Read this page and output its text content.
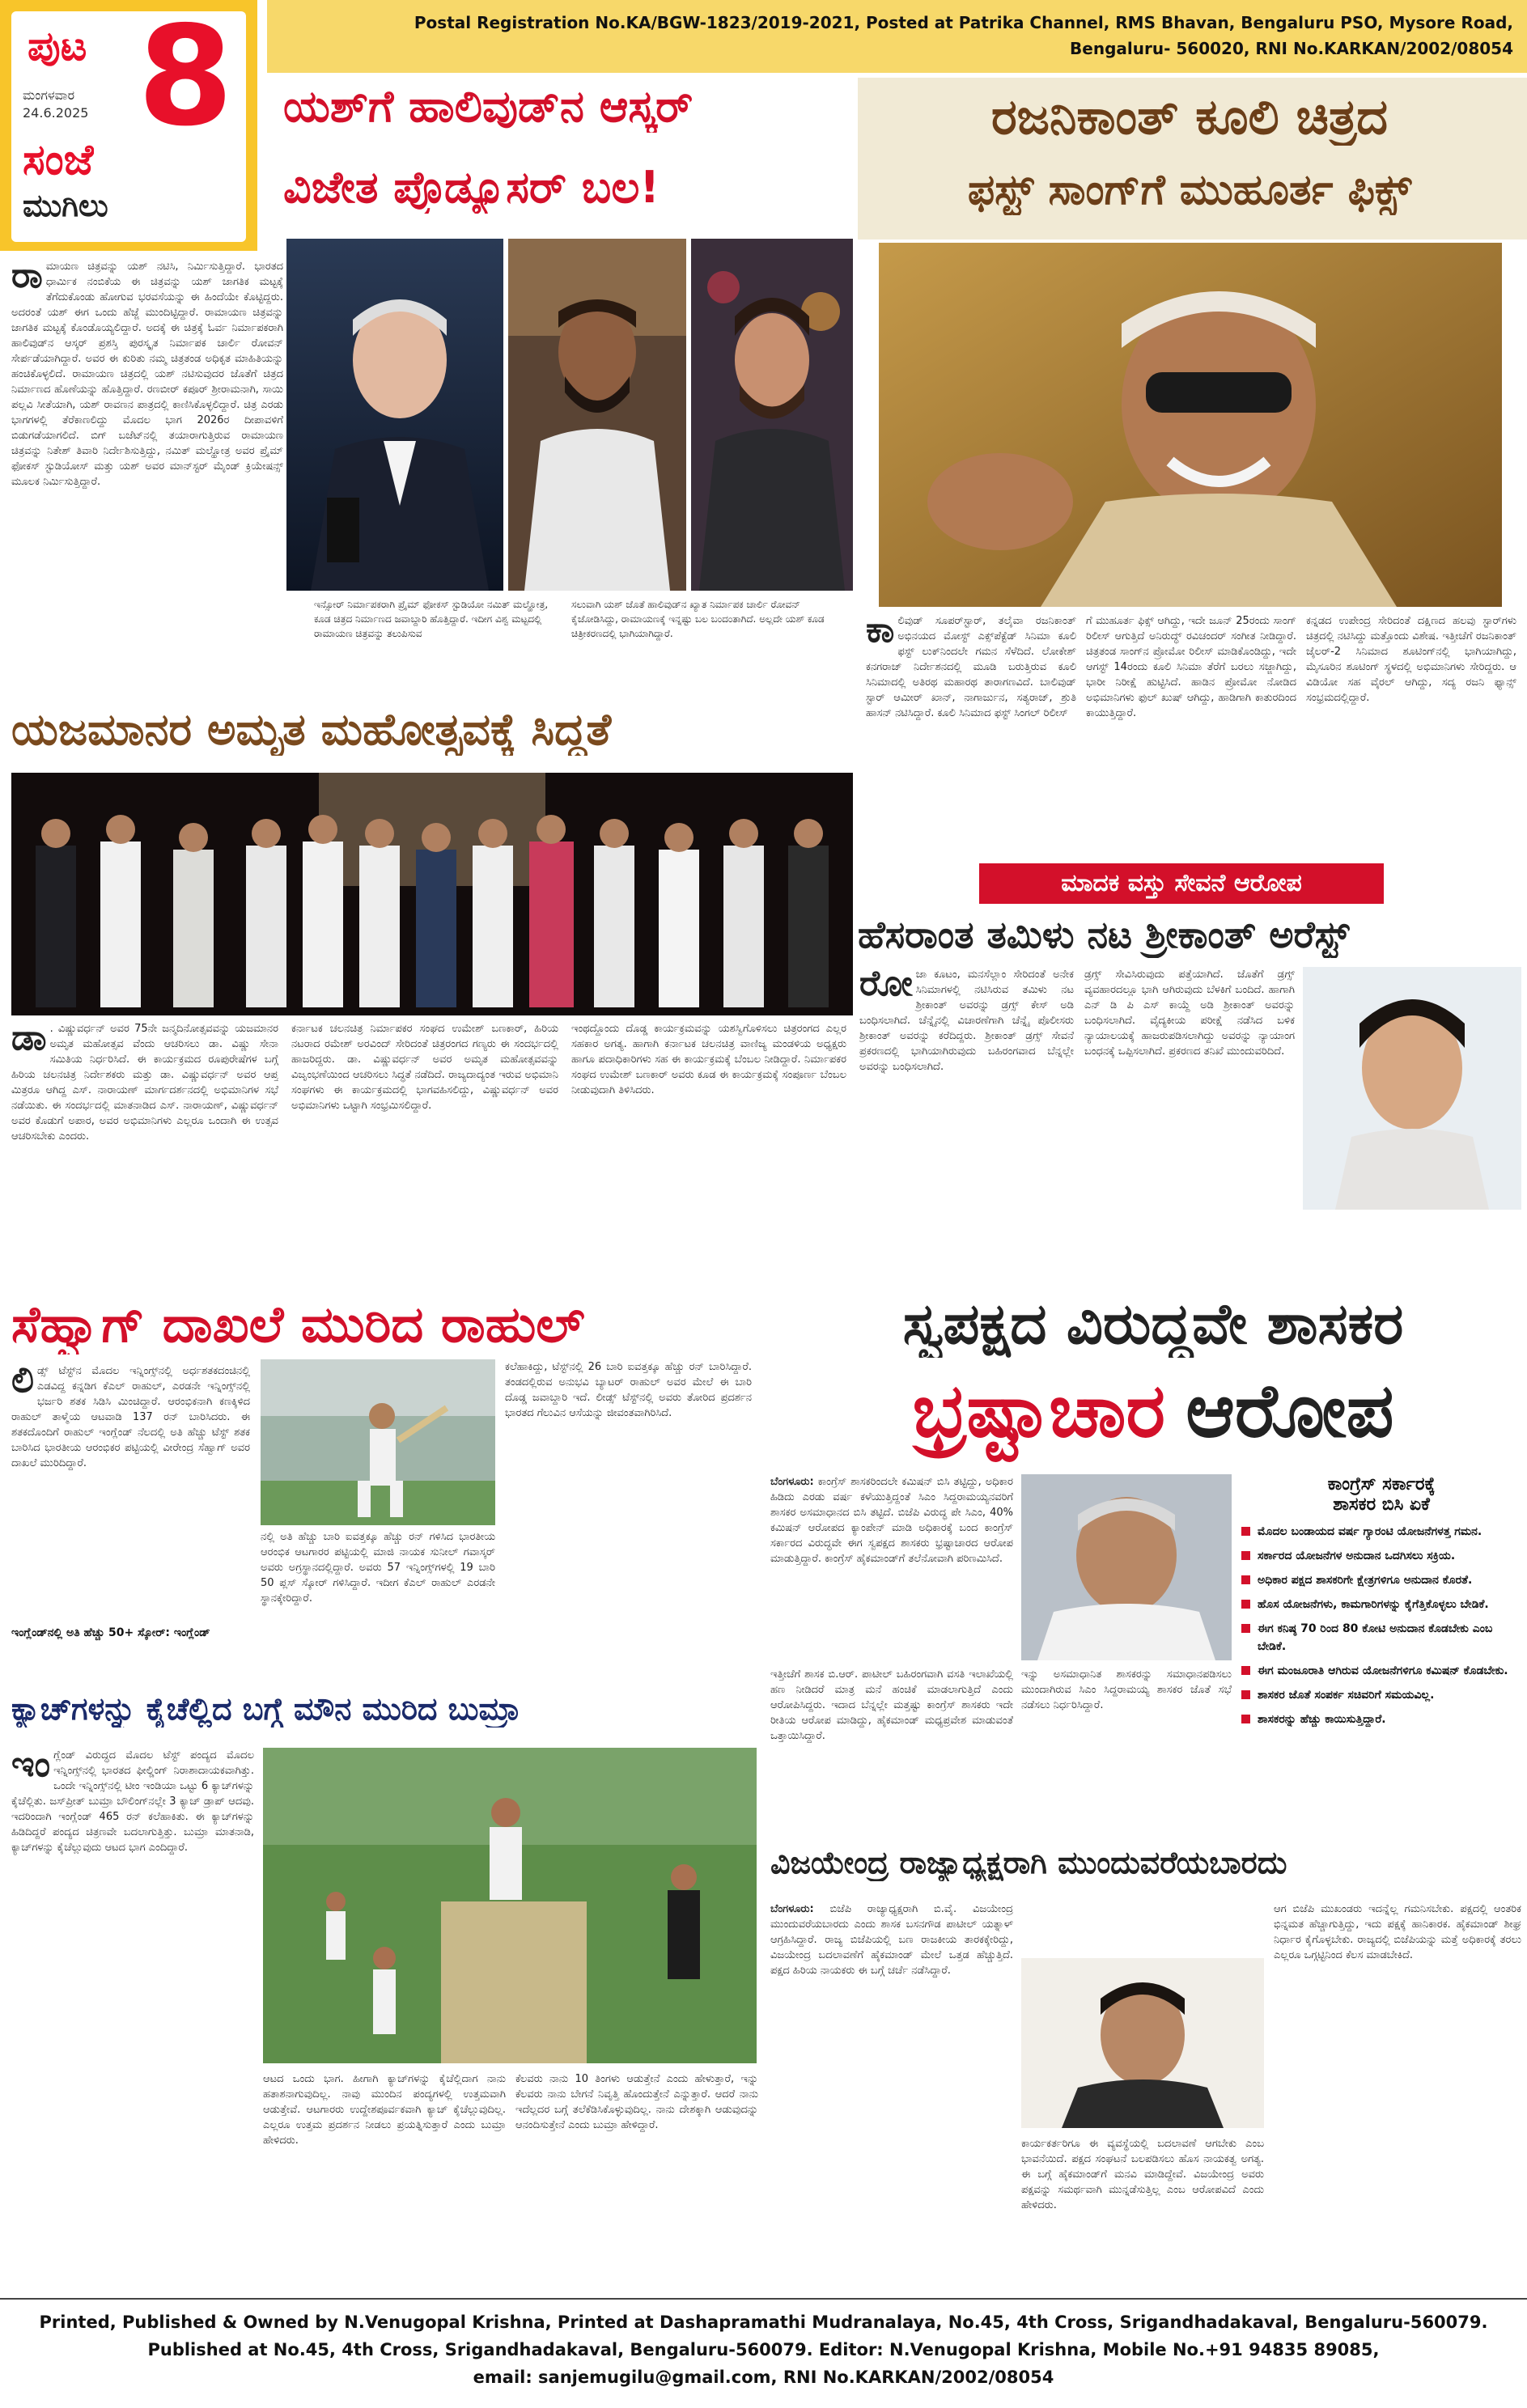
ಪುಟ 8
ಮಂಗಳವಾರ
24.6.2025
ಸಂಜೆ
ಮುಗಿಲು
Postal Registration No.KA/BGW-1823/2019-2021, Posted at Patrika Channel, RMS Bhavan, Bengaluru PSO, Mysore Road,
Bengaluru- 560020, RNI No.KARKAN/2002/08054
ಯಶ್‌ಗೆ ಹಾಲಿವುಡ್‌ನ ಆಸ್ಕರ್
ವಿಜೇತ ಪ್ರೊಡ್ಯೂಸರ್ ಬಲ!
ರಾ ಮಾಯಣ ಚಿತ್ರವನ್ನು ಯಶ್ ನಟಿಸಿ, ನಿರ್ಮಿಸುತ್ತಿದ್ದಾರೆ. ಭಾರತದ ಧಾರ್ಮಿಕ ನಂಬಿಕೆಯ ಈ ಚಿತ್ರವನ್ನು ಯಶ್ ಜಾಗತಿಕ ಮಟ್ಟಕ್ಕೆ ತೆಗೆದುಕೊಂಡು ಹೋಗುವ ಭರವಸೆಯನ್ನು ಈ ಹಿಂದೆಯೇ ಕೊಟ್ಟಿದ್ದರು. ಅದರಂತೆ ಯಶ್ ಈಗ ಒಂದು ಹೆಜ್ಜೆ ಮುಂದಿಟ್ಟಿದ್ದಾರೆ. ರಾಮಾಯಣ ಚಿತ್ರವನ್ನು ಜಾಗತಿಕ ಮಟ್ಟಕ್ಕೆ ಕೊಂಡೊಯ್ಯಲಿದ್ದಾರೆ. ಅದಕ್ಕೆ ಈ ಚಿತ್ರಕ್ಕೆ ಓರ್ವ ನಿರ್ಮಾಪಕರಾಗಿ ಹಾಲಿವುಡ್‌ನ ಆಸ್ಕರ್ ಪ್ರಶಸ್ತಿ ಪುರಸ್ಕೃತ ನಿರ್ಮಾಪಕ ಚಾರ್ಲಿ ರೋವನ್ ಸೇರ್ಪಡೆಯಾಗಿದ್ದಾರೆ. ಅವರ ಈ ಕುರಿತು ನಮ್ಮ ಚಿತ್ರತಂಡ ಅಧಿಕೃತ ಮಾಹಿತಿಯನ್ನು ಹಂಚಿಕೊಳ್ಳಲಿದೆ. ರಾಮಾಯಣ ಚಿತ್ರದಲ್ಲಿ ಯಶ್ ನಟಿಸುವುದರ ಜೊತೆಗೆ ಚಿತ್ರದ ನಿರ್ಮಾಣದ ಹೊಣೆಯನ್ನು ಹೊತ್ತಿದ್ದಾರೆ. ರಣಬೀರ್ ಕಪೂರ್ ಶ್ರೀರಾಮನಾಗಿ, ಸಾಯಿ ಪಲ್ಲವಿ ಸೀತೆಯಾಗಿ, ಯಶ್ ರಾವಣನ ಪಾತ್ರದಲ್ಲಿ ಕಾಣಿಸಿಕೊಳ್ಳಲಿದ್ದಾರೆ. ಚಿತ್ರ ಎರಡು ಭಾಗಗಳಲ್ಲಿ ತೆರೆಕಾಣಲಿದ್ದು ಮೊದಲ ಭಾಗ 2026ರ ದೀಪಾವಳಿಗೆ ಬಿಡುಗಡೆಯಾಗಲಿದೆ. ಬಿಗ್ ಬಜೆಟ್‌ನಲ್ಲಿ ತಯಾರಾಗುತ್ತಿರುವ ರಾಮಾಯಣ ಚಿತ್ರವನ್ನು ನಿತೇಶ್ ತಿವಾರಿ ನಿರ್ದೇಶಿಸುತ್ತಿದ್ದು, ನಮಿತ್ ಮಲ್ಹೋತ್ರ ಅವರ ಪ್ರೈಮ್ ಫೋಕಸ್ ಸ್ಟುಡಿಯೋಸ್ ಮತ್ತು ಯಶ್ ಅವರ ಮಾನ್‌ಸ್ಟರ್ ಮೈಂಡ್ ಕ್ರಿಯೇಷನ್ಸ್ ಮೂಲಕ ನಿರ್ಮಿಸುತ್ತಿದ್ದಾರೆ.
ಇನ್ಸೋರ್ ನಿರ್ಮಾಪಕರಾಗಿ ಪ್ರೈಮ್ ಫೋಕಸ್ ಸ್ಟುಡಿಯೋ ನಮಿತ್ ಮಲ್ಹೋತ್ರ, ಕೂಡ ಚಿತ್ರದ ನಿರ್ಮಾಣದ ಜವಾಬ್ದಾರಿ ಹೊತ್ತಿದ್ದಾರೆ. ಇದೀಗ ವಿಶ್ವ ಮಟ್ಟದಲ್ಲಿ ರಾಮಾಯಣ ಚಿತ್ರವನ್ನು ತಲುಪಿಸುವ
ಸಲುವಾಗಿ ಯಶ್ ಜೊತೆ ಹಾಲಿವುಡ್‌ನ ಖ್ಯಾತ ನಿರ್ಮಾಪಕ ಚಾರ್ಲಿ ರೋವನ್ ಕೈಜೋಡಿಸಿದ್ದು, ರಾಮಾಯಣಕ್ಕೆ ಇನ್ನಷ್ಟು ಬಲ ಬಂದಂತಾಗಿದೆ. ಅಲ್ಲದೇ ಯಶ್ ಕೂಡ ಚಿತ್ರೀಕರಣದಲ್ಲಿ ಭಾಗಿಯಾಗಿದ್ದಾರೆ.
ರಜನಿಕಾಂತ್ ಕೂಲಿ ಚಿತ್ರದ
ಫಸ್ಟ್ ಸಾಂಗ್‌ಗೆ ಮುಹೂರ್ತ ಫಿಕ್ಸ್
ಕಾ ಲಿವುಡ್ ಸೂಪರ್‌ಸ್ಟಾರ್, ತಲೈವಾ ರಜನಿಕಾಂತ್ ಅಭಿನಯದ ಮೋಸ್ಟ್ ಎಕ್ಸ್‌ಪೆಕ್ಟೆಡ್ ಸಿನಿಮಾ ಕೂಲಿ ಫಸ್ಟ್ ಲುಕ್‌ನಿಂದಲೇ ಗಮನ ಸೆಳೆದಿದೆ. ಲೋಕೇಶ್ ಕನಗರಾಜ್ ನಿರ್ದೇಶನದಲ್ಲಿ ಮೂಡಿ ಬರುತ್ತಿರುವ ಕೂಲಿ ಸಿನಿಮಾದಲ್ಲಿ ಅತಿರಥ ಮಹಾರಥ ತಾರಾಗಣವಿದೆ. ಬಾಲಿವುಡ್ ಸ್ಟಾರ್ ಆಮೀರ್ ಖಾನ್, ನಾಗಾರ್ಜುನ, ಸತ್ಯರಾಜ್, ಶ್ರುತಿ ಹಾಸನ್ ನಟಿಸಿದ್ದಾರೆ. ಕೂಲಿ ಸಿನಿಮಾದ ಫಸ್ಟ್ ಸಿಂಗಲ್ ರಿಲೀಸ್
ಗೆ ಮುಹೂರ್ತ ಫಿಕ್ಸ್ ಆಗಿದ್ದು, ಇದೇ ಜೂನ್ 25ರಂದು ಸಾಂಗ್ ರಿಲೀಸ್ ಆಗುತ್ತಿದೆ ಅನಿರುದ್ಧ್ ರವಿಚಂದರ್ ಸಂಗೀತ ನೀಡಿದ್ದಾರೆ. ಚಿತ್ರತಂಡ ಸಾಂಗ್‌ನ ಪ್ರೋಮೋ ರಿಲೀಸ್ ಮಾಡಿಕೊಂಡಿದ್ದು, ಇದೇ ಆಗಸ್ಟ್ 14ರಂದು ಕೂಲಿ ಸಿನಿಮಾ ತೆರೆಗೆ ಬರಲು ಸಜ್ಜಾಗಿದ್ದು, ಭಾರೀ ನಿರೀಕ್ಷೆ ಹುಟ್ಟಿಸಿದೆ. ಹಾಡಿನ ಪ್ರೋಮೋ ನೋಡಿದ ಅಭಿಮಾನಿಗಳು ಫುಲ್ ಖುಷ್ ಆಗಿದ್ದು, ಹಾಡಿಗಾಗಿ ಕಾತುರದಿಂದ ಕಾಯುತ್ತಿದ್ದಾರೆ.
ಕನ್ನಡದ ಉಪೇಂದ್ರ ಸೇರಿದಂತೆ ದಕ್ಷಿಣದ ಹಲವು ಸ್ಟಾರ್‌ಗಳು ಚಿತ್ರದಲ್ಲಿ ನಟಿಸಿದ್ದು ಮತ್ತೊಂದು ವಿಶೇಷ. ಇತ್ತೀಚೆಗೆ ರಜನಿಕಾಂತ್ ಜೈಲರ್-2 ಸಿನಿಮಾದ ಶೂಟಿಂಗ್‌ನಲ್ಲಿ ಭಾಗಿಯಾಗಿದ್ದು, ಮೈಸೂರಿನ ಶೂಟಿಂಗ್ ಸ್ಥಳದಲ್ಲಿ ಅಭಿಮಾನಿಗಳು ಸೇರಿದ್ದರು. ಆ ವಿಡಿಯೋ ಸಹ ವೈರಲ್ ಆಗಿದ್ದು, ಸದ್ಯ ರಜನಿ ಫ್ಯಾನ್ಸ್ ಸಂಭ್ರಮದಲ್ಲಿದ್ದಾರೆ.
ಯಜಮಾನರ ಅಮೃತ ಮಹೋತ್ಸವಕ್ಕೆ ಸಿದ್ಧತೆ
ಡಾ . ವಿಷ್ಣುವರ್ಧನ್ ಅವರ 75ನೇ ಜನ್ಮದಿನೋತ್ಸವವನ್ನು ಯಜಮಾನರ ಅಮೃತ ಮಹೋತ್ಸವ ವೆಂದು ಆಚರಿಸಲು ಡಾ. ವಿಷ್ಣು ಸೇನಾ ಸಮಿತಿಯ ನಿರ್ಧರಿಸಿದೆ. ಈ ಕಾರ್ಯಕ್ರಮದ ರೂಪುರೇಷೆಗಳ ಬಗ್ಗೆ ಹಿರಿಯ ಚಲನಚಿತ್ರ ನಿರ್ದೇಶಕರು ಮತ್ತು ಡಾ. ವಿಷ್ಣುವರ್ಧನ್ ಅವರ ಆಪ್ತ ಮಿತ್ರರೂ ಆಗಿದ್ದ ಎಸ್. ನಾರಾಯಣ್ ಮಾರ್ಗದರ್ಶನದಲ್ಲಿ ಅಭಿಮಾನಿಗಳ ಸಭೆ ನಡೆಯಿತು. ಈ ಸಂದರ್ಭದಲ್ಲಿ ಮಾತನಾಡಿದ ಎಸ್. ನಾರಾಯಣ್, ವಿಷ್ಣುವರ್ಧನ್ ಅವರ ಕೊಡುಗೆ ಅಪಾರ, ಅವರ ಅಭಿಮಾನಿಗಳು ಎಲ್ಲರೂ ಒಂದಾಗಿ ಈ ಉತ್ಸವ ಆಚರಿಸಬೇಕು ಎಂದರು.
ಕರ್ನಾಟಕ ಚಲನಚಿತ್ರ ನಿರ್ಮಾಪಕರ ಸಂಘದ ಉಮೇಶ್ ಬಣಕಾರ್, ಹಿರಿಯ ನಟರಾದ ರಮೇಶ್ ಅರವಿಂದ್ ಸೇರಿದಂತೆ ಚಿತ್ರರಂಗದ ಗಣ್ಯರು ಈ ಸಂದರ್ಭದಲ್ಲಿ ಹಾಜರಿದ್ದರು. ಡಾ. ವಿಷ್ಣುವರ್ಧನ್ ಅವರ ಅಮೃತ ಮಹೋತ್ಸವವನ್ನು ವಿಜೃಂಭಣೆಯಿಂದ ಆಚರಿಸಲು ಸಿದ್ಧತೆ ನಡೆದಿದೆ. ರಾಜ್ಯದಾದ್ಯಂತ ಇರುವ ಅಭಿಮಾನಿ ಸಂಘಗಳು ಈ ಕಾರ್ಯಕ್ರಮದಲ್ಲಿ ಭಾಗವಹಿಸಲಿದ್ದು, ವಿಷ್ಣುವರ್ಧನ್ ಅವರ ಅಭಿಮಾನಿಗಳು ಒಟ್ಟಾಗಿ ಸಂಭ್ರಮಿಸಲಿದ್ದಾರೆ.
ಇಂಥದ್ದೊಂದು ದೊಡ್ಡ ಕಾರ್ಯಕ್ರಮವನ್ನು ಯಶಸ್ವಿಗೊಳಿಸಲು ಚಿತ್ರರಂಗದ ಎಲ್ಲರ ಸಹಕಾರ ಅಗತ್ಯ. ಹಾಗಾಗಿ ಕರ್ನಾಟಕ ಚಲನಚಿತ್ರ ವಾಣಿಜ್ಯ ಮಂಡಳಿಯ ಅಧ್ಯಕ್ಷರು ಹಾಗೂ ಪದಾಧಿಕಾರಿಗಳು ಸಹ ಈ ಕಾರ್ಯಕ್ರಮಕ್ಕೆ ಬೆಂಬಲ ನೀಡಿದ್ದಾರೆ. ನಿರ್ಮಾಪಕರ ಸಂಘದ ಉಮೇಶ್ ಬಣಕಾರ್ ಅವರು ಕೂಡ ಈ ಕಾರ್ಯಕ್ರಮಕ್ಕೆ ಸಂಪೂರ್ಣ ಬೆಂಬಲ ನೀಡುವುದಾಗಿ ತಿಳಿಸಿದರು.
ಮಾದಕ ವಸ್ತು ಸೇವನೆ ಆರೋಪ
ಹೆಸರಾಂತ ತಮಿಳು ನಟ ಶ್ರೀಕಾಂತ್ ಅರೆಸ್ಟ್
ರೋ ಜಾ ಕೂಟಂ, ಮನಸೆಲ್ಲಾಂ ಸೇರಿದಂತೆ ಅನೇಕ ಸಿನಿಮಾಗಳಲ್ಲಿ ನಟಿಸಿರುವ ತಮಿಳು ನಟ ಶ್ರೀಕಾಂತ್ ಅವರನ್ನು ಡ್ರಗ್ಸ್ ಕೇಸ್ ಅಡಿ ಬಂಧಿಸಲಾಗಿದೆ. ಚೆನ್ನೈನಲ್ಲಿ ವಿಚಾರಣೆಗಾಗಿ ಚೆನ್ನೈ ಪೊಲೀಸರು ಶ್ರೀಕಾಂತ್ ಅವರನ್ನು ಕರೆದಿದ್ದರು. ಶ್ರೀಕಾಂತ್ ಡ್ರಗ್ಸ್ ಸೇವನೆ ಪ್ರಕರಣದಲ್ಲಿ ಭಾಗಿಯಾಗಿರುವುದು ಬಹಿರಂಗವಾದ ಬೆನ್ನಲ್ಲೇ ಅವರನ್ನು ಬಂಧಿಸಲಾಗಿದೆ.
ಡ್ರಗ್ಸ್ ಸೇವಿಸಿರುವುದು ಪತ್ತೆಯಾಗಿದೆ. ಜೊತೆಗೆ ಡ್ರಗ್ಸ್ ವ್ಯವಹಾರದಲ್ಲೂ ಭಾಗಿ ಆಗಿರುವುದು ಬೆಳಕಿಗೆ ಬಂದಿದೆ. ಹಾಗಾಗಿ ಎನ್ ಡಿ ಪಿ ಎಸ್ ಕಾಯ್ದೆ ಅಡಿ ಶ್ರೀಕಾಂತ್ ಅವರನ್ನು ಬಂಧಿಸಲಾಗಿದೆ. ವೈದ್ಯಕೀಯ ಪರೀಕ್ಷೆ ನಡೆಸಿದ ಬಳಿಕ ನ್ಯಾಯಾಲಯಕ್ಕೆ ಹಾಜರುಪಡಿಸಲಾಗಿದ್ದು ಅವರನ್ನು ನ್ಯಾಯಾಂಗ ಬಂಧನಕ್ಕೆ ಒಪ್ಪಿಸಲಾಗಿದೆ. ಪ್ರಕರಣದ ತನಿಖೆ ಮುಂದುವರಿದಿದೆ.
ಸೆಹ್ವಾಗ್ ದಾಖಲೆ ಮುರಿದ ರಾಹುಲ್
ಲಿ ಡ್ಸ್ ಟೆಸ್ಟ್‌ನ ಮೊದಲ ಇನ್ನಿಂಗ್ಸ್‌ನಲ್ಲಿ ಅರ್ಧಶತಕದಂಚಿನಲ್ಲಿ ಎಡವಿದ್ದ ಕನ್ನಡಿಗ ಕೆಎಲ್ ರಾಹುಲ್, ಎರಡನೇ ಇನ್ನಿಂಗ್ಸ್‌ನಲ್ಲಿ ಭರ್ಜರಿ ಶತಕ ಸಿಡಿಸಿ ಮಿಂಚಿದ್ದಾರೆ. ಆರಂಭಿಕನಾಗಿ ಕಣಕ್ಕಿಳಿದ ರಾಹುಲ್ ತಾಳ್ಮೆಯ ಆಟವಾಡಿ 137 ರನ್ ಬಾರಿಸಿದರು. ಈ ಶತಕದೊಂದಿಗೆ ರಾಹುಲ್ ಇಂಗ್ಲೆಂಡ್ ನೆಲದಲ್ಲಿ ಅತಿ ಹೆಚ್ಚು ಟೆಸ್ಟ್ ಶತಕ ಬಾರಿಸಿದ ಭಾರತೀಯ ಆರಂಭಿಕರ ಪಟ್ಟಿಯಲ್ಲಿ ವೀರೇಂದ್ರ ಸೆಹ್ವಾಗ್ ಅವರ ದಾಖಲೆ ಮುರಿದಿದ್ದಾರೆ.
ನಲ್ಲಿ ಅತಿ ಹೆಚ್ಚು ಬಾರಿ ಐವತ್ತಕ್ಕೂ ಹೆಚ್ಚು ರನ್ ಗಳಿಸಿದ ಭಾರತೀಯ ಆರಂಭಿಕ ಆಟಗಾರರ ಪಟ್ಟಿಯಲ್ಲಿ ಮಾಜಿ ನಾಯಕ ಸುನೀಲ್ ಗವಾಸ್ಕರ್ ಅವರು ಅಗ್ರಸ್ಥಾನದಲ್ಲಿದ್ದಾರೆ. ಅವರು 57 ಇನ್ನಿಂಗ್ಸ್‌ಗಳಲ್ಲಿ 19 ಬಾರಿ 50 ಪ್ಲಸ್ ಸ್ಕೋರ್ ಗಳಿಸಿದ್ದಾರೆ. ಇದೀಗ ಕೆಎಲ್ ರಾಹುಲ್ ಎರಡನೇ ಸ್ಥಾನಕ್ಕೇರಿದ್ದಾರೆ.
ಕಲೆಹಾಕಿದ್ದು, ಟೆಸ್ಟ್‌ನಲ್ಲಿ 26 ಬಾರಿ ಐವತ್ತಕ್ಕೂ ಹೆಚ್ಚು ರನ್ ಬಾರಿಸಿದ್ದಾರೆ. ತಂಡದಲ್ಲಿರುವ ಅನುಭವಿ ಬ್ಯಾಟರ್ ರಾಹುಲ್ ಅವರ ಮೇಲೆ ಈ ಬಾರಿ ದೊಡ್ಡ ಜವಾಬ್ದಾರಿ ಇದೆ. ಲೀಡ್ಸ್ ಟೆಸ್ಟ್‌ನಲ್ಲಿ ಅವರು ತೋರಿದ ಪ್ರದರ್ಶನ ಭಾರತದ ಗೆಲುವಿನ ಆಸೆಯನ್ನು ಜೀವಂತವಾಗಿರಿಸಿದೆ.
ಇಂಗ್ಲೆಂಡ್‌ನಲ್ಲಿ ಅತಿ ಹೆಚ್ಚು 50+ ಸ್ಕೋರ್: ಇಂಗ್ಲೆಂಡ್
ಸ್ವಪಕ್ಷದ ವಿರುದ್ಧವೇ ಶಾಸಕರ
ಭ್ರಷ್ಟಾಚಾರ ಆರೋಪ
ಬೆಂಗಳೂರು: ಕಾಂಗ್ರೆಸ್ ಶಾಸಕರಿಂದಲೇ ಕಮಿಷನ್ ಬಿಸಿ ತಟ್ಟಿದ್ದು, ಅಧಿಕಾರ ಹಿಡಿದು ಎರಡು ವರ್ಷ ಕಳೆಯುತ್ತಿದ್ದಂತೆ ಸಿಎಂ ಸಿದ್ದರಾಮಯ್ಯನವರಿಗೆ ಶಾಸಕರ ಅಸಮಾಧಾನದ ಬಿಸಿ ತಟ್ಟಿದೆ. ಬಿಜೆಪಿ ವಿರುದ್ಧ ಪೇ ಸಿಎಂ, 40% ಕಮಿಷನ್ ಆರೋಪದ ಕ್ಯಾಂಪೇನ್ ಮಾಡಿ ಅಧಿಕಾರಕ್ಕೆ ಬಂದ ಕಾಂಗ್ರೆಸ್ ಸರ್ಕಾರದ ವಿರುದ್ಧವೇ ಈಗ ಸ್ವಪಕ್ಷದ ಶಾಸಕರು ಭ್ರಷ್ಟಾಚಾರದ ಆರೋಪ ಮಾಡುತ್ತಿದ್ದಾರೆ. ಕಾಂಗ್ರೆಸ್ ಹೈಕಮಾಂಡ್‌ಗೆ ತಲೆನೋವಾಗಿ ಪರಿಣಮಿಸಿದೆ.
ಇತ್ತೀಚೆಗೆ ಶಾಸಕ ಬಿ.ಆರ್. ಪಾಟೀಲ್ ಬಹಿರಂಗವಾಗಿ ವಸತಿ ಇಲಾಖೆಯಲ್ಲಿ ಹಣ ನೀಡಿದರೆ ಮಾತ್ರ ಮನೆ ಹಂಚಿಕೆ ಮಾಡಲಾಗುತ್ತಿದೆ ಎಂದು ಆರೋಪಿಸಿದ್ದರು. ಇದಾದ ಬೆನ್ನಲ್ಲೇ ಮತ್ತಷ್ಟು ಕಾಂಗ್ರೆಸ್ ಶಾಸಕರು ಇದೇ ರೀತಿಯ ಆರೋಪ ಮಾಡಿದ್ದು, ಹೈಕಮಾಂಡ್ ಮಧ್ಯಪ್ರವೇಶ ಮಾಡುವಂತೆ ಒತ್ತಾಯಿಸಿದ್ದಾರೆ.
ಇನ್ನು ಅಸಮಾಧಾನಿತ ಶಾಸಕರನ್ನು ಸಮಾಧಾನಪಡಿಸಲು ಮುಂದಾಗಿರುವ ಸಿಎಂ ಸಿದ್ದರಾಮಯ್ಯ ಶಾಸಕರ ಜೊತೆ ಸಭೆ ನಡೆಸಲು ನಿರ್ಧರಿಸಿದ್ದಾರೆ.
ಕಾಂಗ್ರೆಸ್ ಸರ್ಕಾರಕ್ಕೆ
ಶಾಸಕರ ಬಿಸಿ ಏಕೆ
ಮೊದಲ ಬಂಡಾಯದ ವರ್ಷ ಗ್ಯಾರಂಟಿ ಯೋಜನೆಗಳತ್ತ ಗಮನ.
ಸರ್ಕಾರದ ಯೋಜನೆಗಳ ಅನುದಾನ ಒದಗಿಸಲು ಸಕ್ರಿಯ.
ಅಧಿಕಾರ ಪಕ್ಷದ ಶಾಸಕರಿಗೇ ಕ್ಷೇತ್ರಗಳಿಗೂ ಅನುದಾನ ಕೊರತೆ.
ಹೊಸ ಯೋಜನೆಗಳು, ಕಾಮಗಾರಿಗಳನ್ನು ಕೈಗೆತ್ತಿಕೊಳ್ಳಲು ಬೇಡಿಕೆ.
ಈಗ ಕನಿಷ್ಠ 70 ರಿಂದ 80 ಕೋಟಿ ಅನುದಾನ ಕೊಡಬೇಕು ಎಂಬ ಬೇಡಿಕೆ.
ಈಗ ಮಂಜೂರಾತಿ ಆಗಿರುವ ಯೋಜನೆಗಳಿಗೂ ಕಮಿಷನ್ ಕೊಡಬೇಕು.
ಶಾಸಕರ ಜೊತೆ ಸಂಪರ್ಕ ಸಚಿವರಿಗೆ ಸಮಯವಿಲ್ಲ.
ಶಾಸಕರನ್ನು ಹೆಚ್ಚು ಕಾಯಿಸುತ್ತಿದ್ದಾರೆ.
ಕ್ಯಾಚ್‌ಗಳನ್ನು ಕೈಚೆಲ್ಲಿದ ಬಗ್ಗೆ ಮೌನ ಮುರಿದ ಬುಮ್ರಾ
ಇಂ ಗ್ಲೆಂಡ್ ವಿರುದ್ಧದ ಮೊದಲ ಟೆಸ್ಟ್ ಪಂದ್ಯದ ಮೊದಲ ಇನ್ನಿಂಗ್ಸ್‌ನಲ್ಲಿ ಭಾರತದ ಫೀಲ್ಡಿಂಗ್ ನಿರಾಶಾದಾಯಕವಾಗಿತ್ತು. ಒಂದೇ ಇನ್ನಿಂಗ್ಸ್‌ನಲ್ಲಿ ಟೀಂ ಇಂಡಿಯಾ ಒಟ್ಟು 6 ಕ್ಯಾಚ್‌ಗಳನ್ನು ಕೈಚೆಲ್ಲಿತು. ಜಸ್‌ಪ್ರೀತ್ ಬುಮ್ರಾ ಬೌಲಿಂಗ್‌ನಲ್ಲೇ 3 ಕ್ಯಾಚ್ ಡ್ರಾಪ್ ಆದವು. ಇದರಿಂದಾಗಿ ಇಂಗ್ಲೆಂಡ್ 465 ರನ್ ಕಲೆಹಾಕಿತು. ಈ ಕ್ಯಾಚ್‌ಗಳನ್ನು ಹಿಡಿದಿದ್ದರೆ ಪಂದ್ಯದ ಚಿತ್ರಣವೇ ಬದಲಾಗುತ್ತಿತ್ತು. ಬುಮ್ರಾ ಮಾತನಾಡಿ, ಕ್ಯಾಚ್‌ಗಳನ್ನು ಕೈಚೆಲ್ಲುವುದು ಆಟದ ಭಾಗ ಎಂದಿದ್ದಾರೆ.
ಆಟದ ಒಂದು ಭಾಗ. ಹೀಗಾಗಿ ಕ್ಯಾಚ್‌ಗಳನ್ನು ಕೈಚೆಲ್ಲಿದಾಗ ನಾನು ಹತಾಶನಾಗುವುದಿಲ್ಲ. ನಾವು ಮುಂದಿನ ಪಂದ್ಯಗಳಲ್ಲಿ ಉತ್ತಮವಾಗಿ ಆಡುತ್ತೇವೆ. ಆಟಗಾರರು ಉದ್ದೇಶಪೂರ್ವಕವಾಗಿ ಕ್ಯಾಚ್ ಕೈಚೆಲ್ಲುವುದಿಲ್ಲ. ಎಲ್ಲರೂ ಉತ್ತಮ ಪ್ರದರ್ಶನ ನೀಡಲು ಪ್ರಯತ್ನಿಸುತ್ತಾರೆ ಎಂದು ಬುಮ್ರಾ ಹೇಳಿದರು.
ಕೆಲವರು ನಾನು 10 ತಿಂಗಳು ಆಡುತ್ತೇನೆ ಎಂದು ಹೇಳುತ್ತಾರೆ, ಇನ್ನು ಕೆಲವರು ನಾನು ಬೇಗನೆ ನಿವೃತ್ತಿ ಹೊಂದುತ್ತೇನೆ ಎನ್ನುತ್ತಾರೆ. ಆದರೆ ನಾನು ಇದೆಲ್ಲದರ ಬಗ್ಗೆ ತಲೆಕೆಡಿಸಿಕೊಳ್ಳುವುದಿಲ್ಲ. ನಾನು ದೇಶಕ್ಕಾಗಿ ಆಡುವುದನ್ನು ಆನಂದಿಸುತ್ತೇನೆ ಎಂದು ಬುಮ್ರಾ ಹೇಳಿದ್ದಾರೆ.
ವಿಜಯೇಂದ್ರ ರಾಜ್ಯಾಧ್ಯಕ್ಷರಾಗಿ ಮುಂದುವರೆಯಬಾರದು
ಬೆಂಗಳೂರು: ಬಿಜೆಪಿ ರಾಜ್ಯಾಧ್ಯಕ್ಷರಾಗಿ ಬಿ.ವೈ. ವಿಜಯೇಂದ್ರ ಮುಂದುವರೆಯಬಾರದು ಎಂದು ಶಾಸಕ ಬಸನಗೌಡ ಪಾಟೀಲ್ ಯತ್ನಾಳ್ ಆಗ್ರಹಿಸಿದ್ದಾರೆ. ರಾಜ್ಯ ಬಿಜೆಪಿಯಲ್ಲಿ ಬಣ ರಾಜಕೀಯ ತಾರಕಕ್ಕೇರಿದ್ದು, ವಿಜಯೇಂದ್ರ ಬದಲಾವಣೆಗೆ ಹೈಕಮಾಂಡ್ ಮೇಲೆ ಒತ್ತಡ ಹೆಚ್ಚುತ್ತಿದೆ. ಪಕ್ಷದ ಹಿರಿಯ ನಾಯಕರು ಈ ಬಗ್ಗೆ ಚರ್ಚೆ ನಡೆಸಿದ್ದಾರೆ.
ಕಾರ್ಯಕರ್ತರಿಗೂ ಈ ವ್ಯವಸ್ಥೆಯಲ್ಲಿ ಬದಲಾವಣೆ ಆಗಬೇಕು ಎಂಬ ಭಾವನೆಯಿದೆ. ಪಕ್ಷದ ಸಂಘಟನೆ ಬಲಪಡಿಸಲು ಹೊಸ ನಾಯಕತ್ವ ಅಗತ್ಯ. ಈ ಬಗ್ಗೆ ಹೈಕಮಾಂಡ್‌ಗೆ ಮನವಿ ಮಾಡಿದ್ದೇವೆ. ವಿಜಯೇಂದ್ರ ಅವರು ಪಕ್ಷವನ್ನು ಸಮರ್ಥವಾಗಿ ಮುನ್ನಡೆಸುತ್ತಿಲ್ಲ ಎಂಬ ಆರೋಪವಿದೆ ಎಂದು ಹೇಳಿದರು.
ಆಗ ಬಿಜೆಪಿ ಮುಖಂಡರು ಇದನ್ನೆಲ್ಲ ಗಮನಿಸಬೇಕು. ಪಕ್ಷದಲ್ಲಿ ಆಂತರಿಕ ಭಿನ್ನಮತ ಹೆಚ್ಚಾಗುತ್ತಿದ್ದು, ಇದು ಪಕ್ಷಕ್ಕೆ ಹಾನಿಕಾರಕ. ಹೈಕಮಾಂಡ್ ಶೀಘ್ರ ನಿರ್ಧಾರ ಕೈಗೊಳ್ಳಬೇಕು. ರಾಜ್ಯದಲ್ಲಿ ಬಿಜೆಪಿಯನ್ನು ಮತ್ತೆ ಅಧಿಕಾರಕ್ಕೆ ತರಲು ಎಲ್ಲರೂ ಒಗ್ಗಟ್ಟಿನಿಂದ ಕೆಲಸ ಮಾಡಬೇಕಿದೆ.
Printed, Published & Owned by N.Venugopal Krishna, Printed at Dashapramathi Mudranalaya, No.45, 4th Cross, Srigandhadakaval, Bengaluru-560079.
Published at No.45, 4th Cross, Srigandhadakaval, Bengaluru-560079. Editor: N.Venugopal Krishna, Mobile No.+91 94835 89085,
email: sanjemugilu@gmail.com, RNI No.KARKAN/2002/08054
